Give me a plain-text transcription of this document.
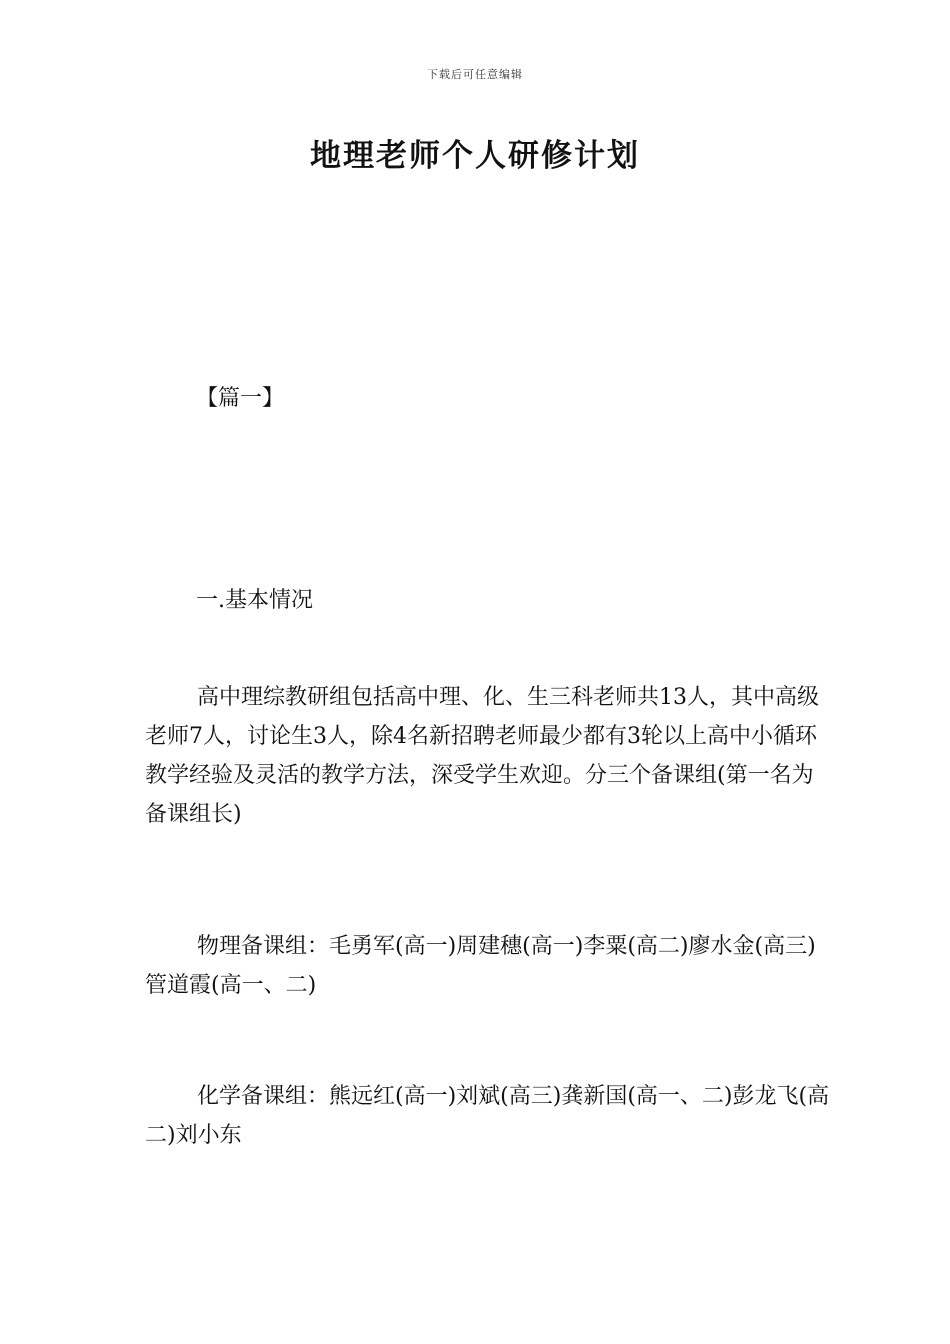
下载后可任意编辑
地理老师个人研修计划
【篇一】
一.基本情况

高中理综教研组包括高中理、化、生三科老师共13人，其中高级老师7人，讨论生3人，除4名新招聘老师最少都有3轮以上高中小循环教学经验及灵活的教学方法，深受学生欢迎。分三个备课组(第一名为备课组长)

物理备课组：毛勇军(高一)周建穗(高一)李粟(高二)廖水金(高三)管道霞(高一、二)

化学备课组：熊远红(高一)刘斌(高三)龚新国(高一、二)彭龙飞(高二)刘小东
